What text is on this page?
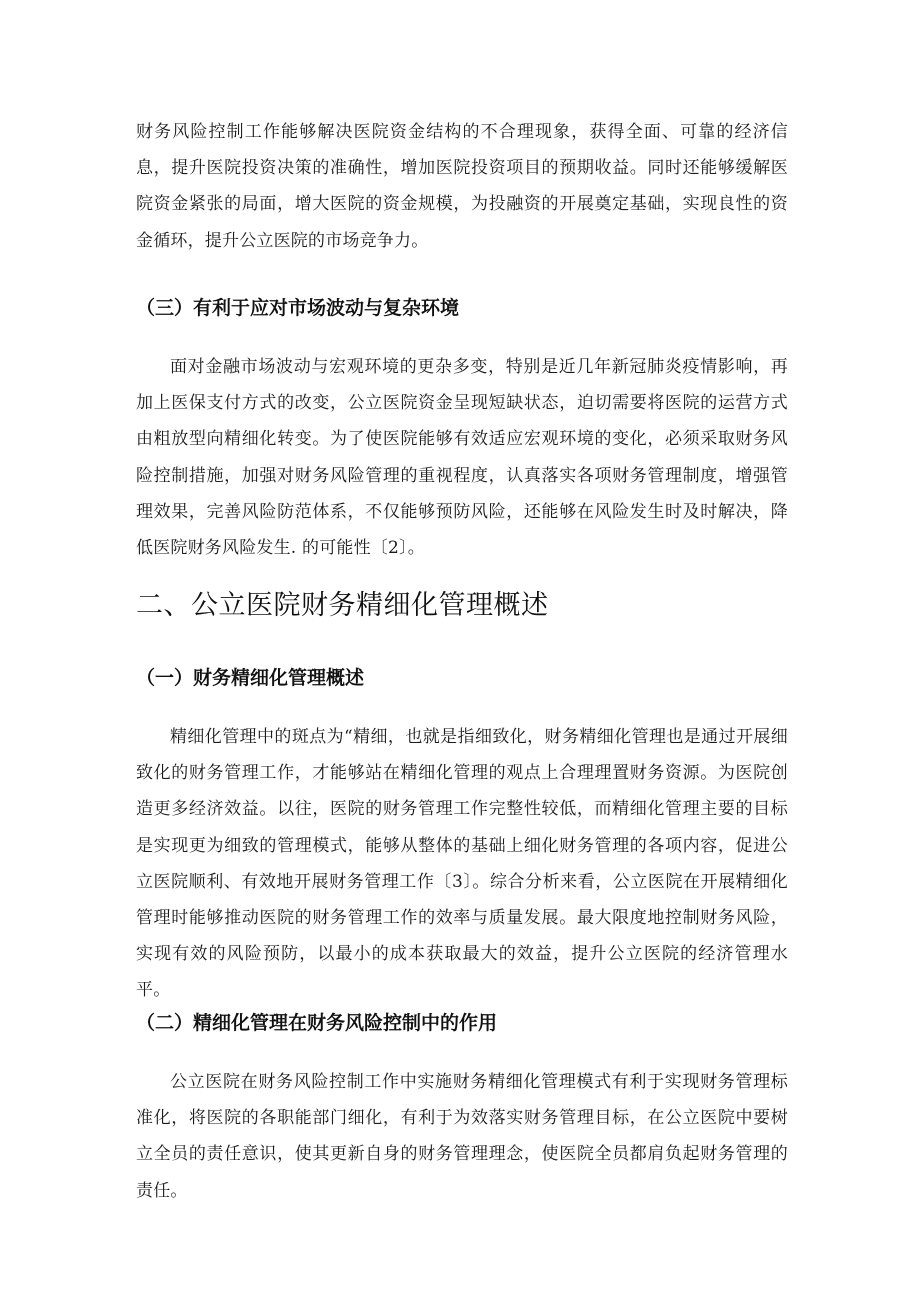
财务风险控制工作能够解决医院资金结构的不合理现象，获得全面、可靠的经济信息，提升医院投资决策的准确性，增加医院投资项目的预期收益。同时还能够缓解医院资金紧张的局面，增大医院的资金规模，为投融资的开展奠定基础，实现良性的资金循环，提升公立医院的市场竞争力。

（三）有利于应对市场波动与复杂环境

面对金融市场波动与宏观环境的更杂多变，特别是近几年新冠肺炎疫情影响，再加上医保支付方式的改变，公立医院资金呈现短缺状态，迫切需要将医院的运营方式由粗放型向精细化转变。为了使医院能够有效适应宏观环境的变化，必须采取财务风险控制措施，加强对财务风险管理的重视程度，认真落实各项财务管理制度，增强管理效果，完善风险防范体系，不仅能够预防风险，还能够在风险发生时及时解决，降低医院财务风险发生. 的可能性〔2〕。

二、公立医院财务精细化管理概述
（一）财务精细化管理概述

精细化管理中的斑点为“精细，也就是指细致化，财务精细化管理也是通过开展细致化的财务管理工作，才能够站在精细化管理的观点上合理理置财务资源。为医院创造更多经济效益。以往，医院的财务管理工作完整性较低，而精细化管理主要的目标是实现更为细致的管理模式，能够从整体的基础上细化财务管理的各项内容，促进公立医院顺利、有效地开展财务管理工作〔3〕。综合分析来看，公立医院在开展精细化管理时能够推动医院的财务管理工作的效率与质量发展。最大限度地控制财务风险，实现有效的风险预防，以最小的成本获取最大的效益，提升公立医院的经济管理水平。

（二）精细化管理在财务风险控制中的作用

公立医院在财务风险控制工作中实施财务精细化管理模式有利于实现财务管理标准化，将医院的各职能部门细化，有利于为效落实财务管理目标，在公立医院中要树立全员的责任意识，使其更新自身的财务管理理念，使医院全员都肩负起财务管理的责任。
